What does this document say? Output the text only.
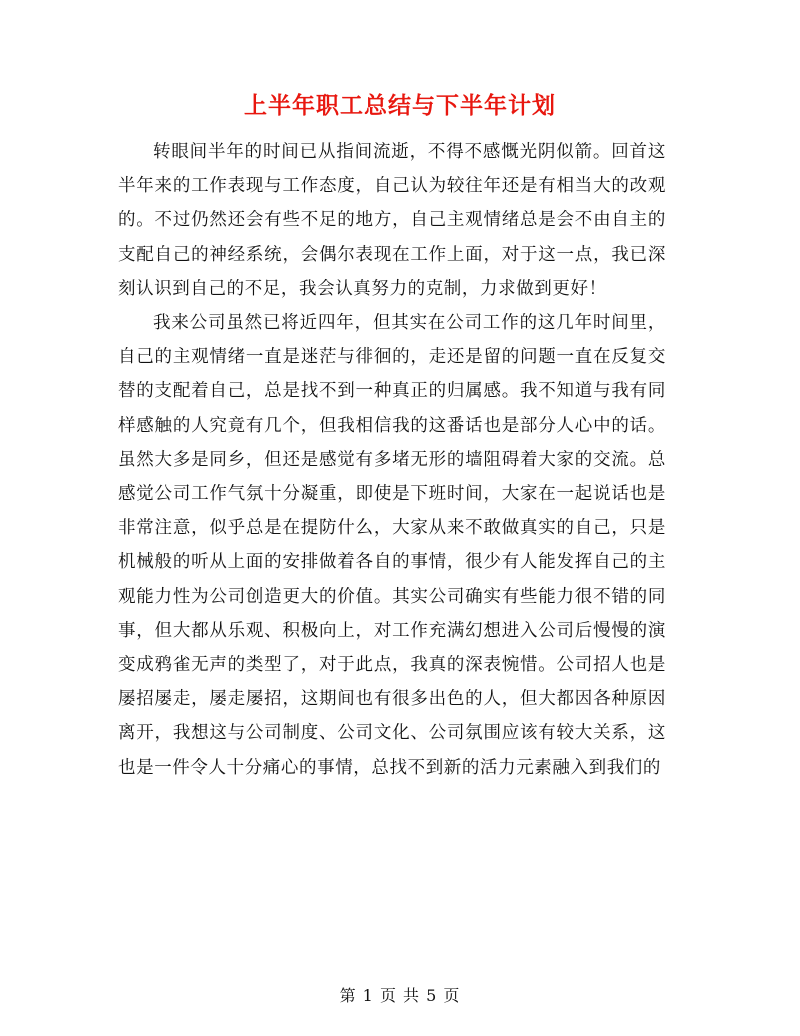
上半年职工总结与下半年计划

转眼间半年的时间已从指间流逝，不得不感慨光阴似箭。回首这半年来的工作表现与工作态度，自己认为较往年还是有相当大的改观的。不过仍然还会有些不足的地方，自己主观情绪总是会不由自主的支配自己的神经系统，会偶尔表现在工作上面，对于这一点，我已深刻认识到自己的不足，我会认真努力的克制，力求做到更好！

我来公司虽然已将近四年，但其实在公司工作的这几年时间里，自己的主观情绪一直是迷茫与徘徊的，走还是留的问题一直在反复交替的支配着自己，总是找不到一种真正的归属感。我不知道与我有同样感触的人究竟有几个，但我相信我的这番话也是部分人心中的话。虽然大多是同乡，但还是感觉有多堵无形的墙阻碍着大家的交流。总感觉公司工作气氛十分凝重，即使是下班时间，大家在一起说话也是非常注意，似乎总是在提防什么，大家从来不敢做真实的自己，只是机械般的听从上面的安排做着各自的事情，很少有人能发挥自己的主观能力性为公司创造更大的价值。其实公司确实有些能力很不错的同事，但大都从乐观、积极向上，对工作充满幻想进入公司后慢慢的演变成鸦雀无声的类型了，对于此点，我真的深表惋惜。公司招人也是屡招屡走，屡走屡招，这期间也有很多出色的人，但大都因各种原因离开，我想这与公司制度、公司文化、公司氛围应该有较大关系，这也是一件令人十分痛心的事情，总找不到新的活力元素融入到我们的

第 1 页 共 5 页
